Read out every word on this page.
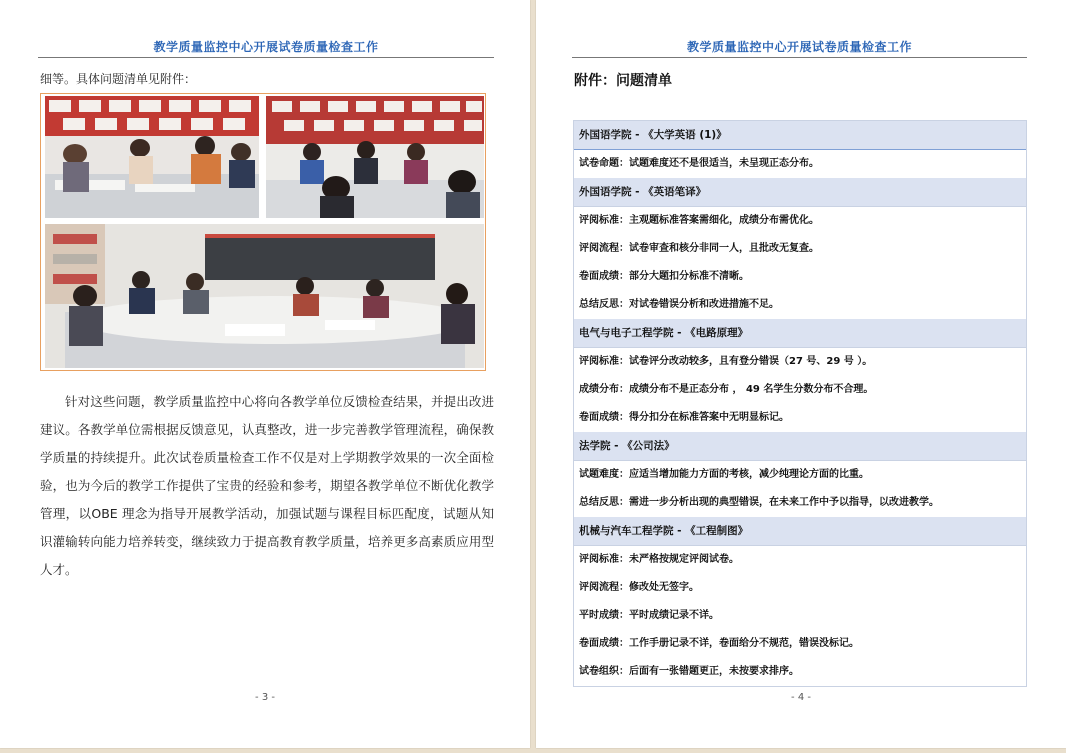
教学质量监控中心开展试卷质量检查工作
细等。具体问题清单见附件：

针对这些问题，教学质量监控中心将向各教学单位反馈检查结果，并提出改进建议。各教学单位需根据反馈意见，认真整改，进一步完善教学管理流程，确保教学质量的持续提升。此次试卷质量检查工作不仅是对上学期教学效果的一次全面检验，也为今后的教学工作提供了宝贵的经验和参考，期望各教学单位不断优化教学管理，以OBE 理念为指导开展教学活动，加强试题与课程目标匹配度，试题从知识灌输转向能力培养转变，继续致力于提高教育教学质量，培养更多高素质应用型人才。

- 3 -
教学质量监控中心开展试卷质量检查工作
附件：问题清单
外国语学院 - 《大学英语 (1)》
试卷命题：试题难度还不是很适当，未呈现正态分布。
外国语学院 - 《英语笔译》
评阅标准：主观题标准答案需细化，成绩分布需优化。
评阅流程：试卷审查和核分非同一人，且批改无复查。
卷面成绩：部分大题扣分标准不清晰。
总结反思：对试卷错误分析和改进措施不足。
电气与电子工程学院 - 《电路原理》
评阅标准：试卷评分改动较多，且有登分错误（27 号、29 号 ）。
成绩分布：成绩分布不是正态分布 ， 49 名学生分数分布不合理。
卷面成绩：得分扣分在标准答案中无明显标记。
法学院 - 《公司法》
试题难度：应适当增加能力方面的考核，减少纯理论方面的比重。
总结反思：需进一步分析出现的典型错误，在未来工作中予以指导，以改进教学。
机械与汽车工程学院 - 《工程制图》
评阅标准：未严格按规定评阅试卷。
评阅流程：修改处无签字。
平时成绩：平时成绩记录不详。
卷面成绩：工作手册记录不详，卷面给分不规范，错误没标记。
试卷组织：后面有一张错题更正，未按要求排序。
- 4 -
